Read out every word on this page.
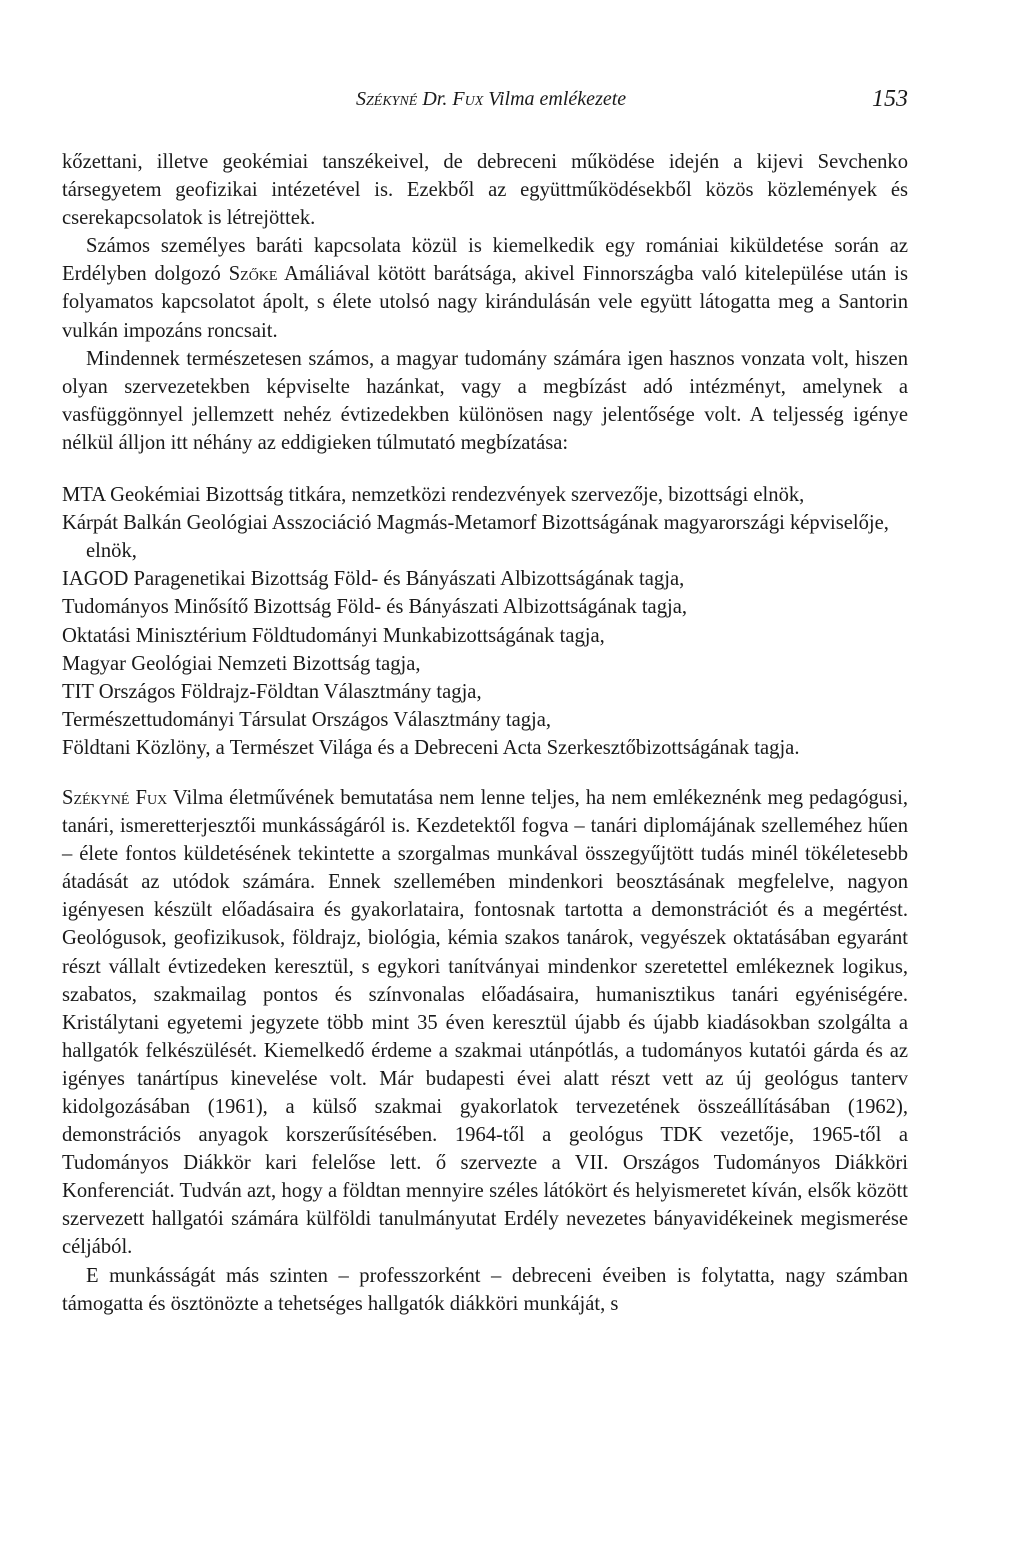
Székyné Dr. Fux Vilma emlékezete	153

kőzettani, illetve geokémiai tanszékeivel, de debreceni működése idején a kijevi Sevchenko társegyetem geofizikai intézetével is. Ezekből az együttműködésekből közös közlemények és cserekapcsolatok is létrejöttek.

Számos személyes baráti kapcsolata közül is kiemelkedik egy romániai kiküldetése során az Erdélyben dolgozó Szőke Amáliával kötött barátsága, akivel Finnországba való kitelepülése után is folyamatos kapcsolatot ápolt, s élete utolsó nagy kirándulásán vele együtt látogatta meg a Santorin vulkán impozáns roncsait.

Mindennek természetesen számos, a magyar tudomány számára igen hasznos vonzata volt, hiszen olyan szervezetekben képviselte hazánkat, vagy a megbízást adó intézményt, amelynek a vasfüggönnyel jellemzett nehéz évtizedekben különösen nagy jelentősége volt. A teljesség igénye nélkül álljon itt néhány az eddigieken túlmutató megbízatása:

MTA Geokémiai Bizottság titkára, nemzetközi rendezvények szervezője, bizottsági elnök,
Kárpát Balkán Geológiai Asszociáció Magmás-Metamorf Bizottságának magyarországi képviselője, elnök,
IAGOD Paragenetikai Bizottság Föld- és Bányászati Albizottságának tagja,
Tudományos Minősítő Bizottság Föld- és Bányászati Albizottságának tagja,
Oktatási Minisztérium Földtudományi Munkabizottságának tagja,
Magyar Geológiai Nemzeti Bizottság tagja,
TIT Országos Földrajz-Földtan Választmány tagja,
Természettudományi Társulat Országos Választmány tagja,
Földtani Közlöny, a Természet Világa és a Debreceni Acta Szerkesztőbizottságának tagja.

Székyné Fux Vilma életművének bemutatása nem lenne teljes, ha nem emlékeznénk meg pedagógusi, tanári, ismeretterjesztői munkásságáról is. Kezdetektől fogva – tanári diplomájának szelleméhez hűen – élete fontos küldetésének tekintette a szorgalmas munkával összegyűjtött tudás minél tökéletesebb átadását az utódok számára. Ennek szellemében mindenkori beosztásának megfelelve, nagyon igényesen készült előadásaira és gyakorlataira, fontosnak tartotta a demonstrációt és a megértést. Geológusok, geofizikusok, földrajz, biológia, kémia szakos tanárok, vegyészek oktatásában egyaránt részt vállalt évtizedeken keresztül, s egykori tanítványai mindenkor szeretettel emlékeznek logikus, szabatos, szakmailag pontos és színvonalas előadásaira, humanisztikus tanári egyéniségére. Kristálytani egyetemi jegyzete több mint 35 éven keresztül újabb és újabb kiadásokban szolgálta a hallgatók felkészülését. Kiemelkedő érdeme a szakmai utánpótlás, a tudományos kutatói gárda és az igényes tanártípus kinevelése volt. Már budapesti évei alatt részt vett az új geológus tanterv kidolgozásában (1961), a külső szakmai gyakorlatok tervezetének összeállításában (1962), demonstrációs anyagok korszerűsítésében. 1964-től a geológus TDK vezetője, 1965-től a Tudományos Diákkör kari felelőse lett. ő szervezte a VII. Országos Tudományos Diákköri Konferenciát. Tudván azt, hogy a földtan mennyire széles látókört és helyismeretet kíván, elsők között szervezett hallgatói számára külföldi tanulmányutat Erdély nevezetes bányavidékeinek megismerése céljából.

E munkásságát más szinten – professzorként – debreceni éveiben is folytatta, nagy számban támogatta és ösztönözte a tehetséges hallgatók diákköri munkáját, s
